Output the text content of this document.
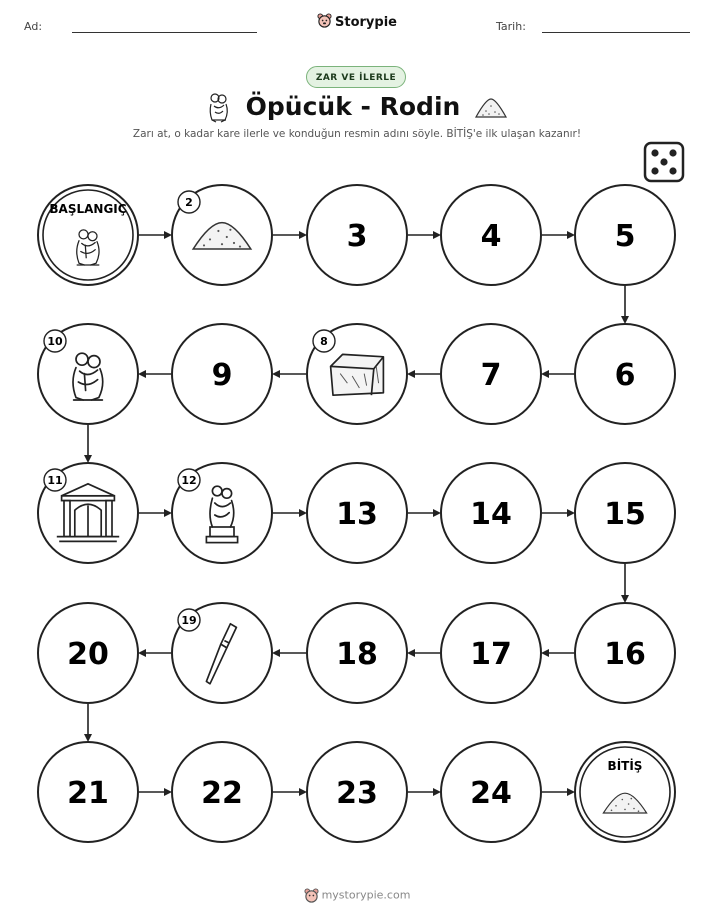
Ad:	Storypie	Tarih:
ZAR VE İLERLE
Öpücük - Rodin
Zarı at, o kadar kare ilerle ve konduğun resmin adını söyle. BİTİŞ'e ilk ulaşan kazanır!
BAŞLANGIÇ	2
3	4	5
6
7
8
9
10
11	12
13	14	15
16
17
18
19
20
21	22	23	24
BİTİŞ
mystorypie.com
